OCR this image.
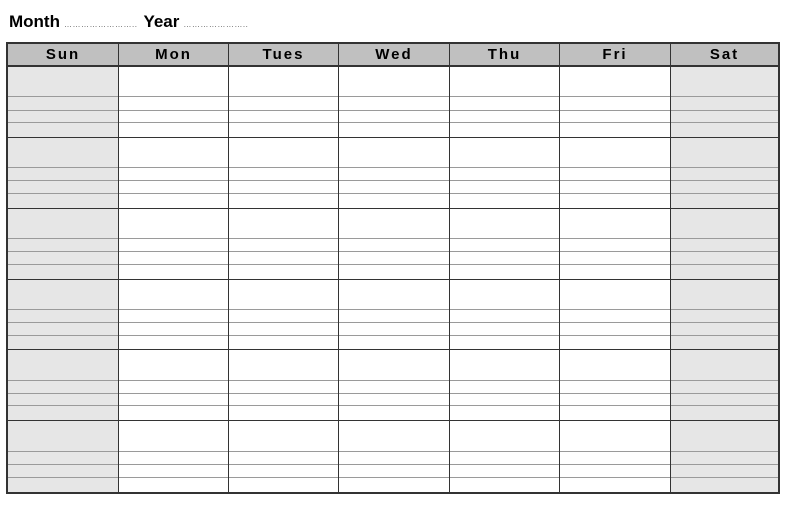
Month …………………….. Year …………………..
Sun	Mon	Tues	Wed	Thu	Fri	Sat
